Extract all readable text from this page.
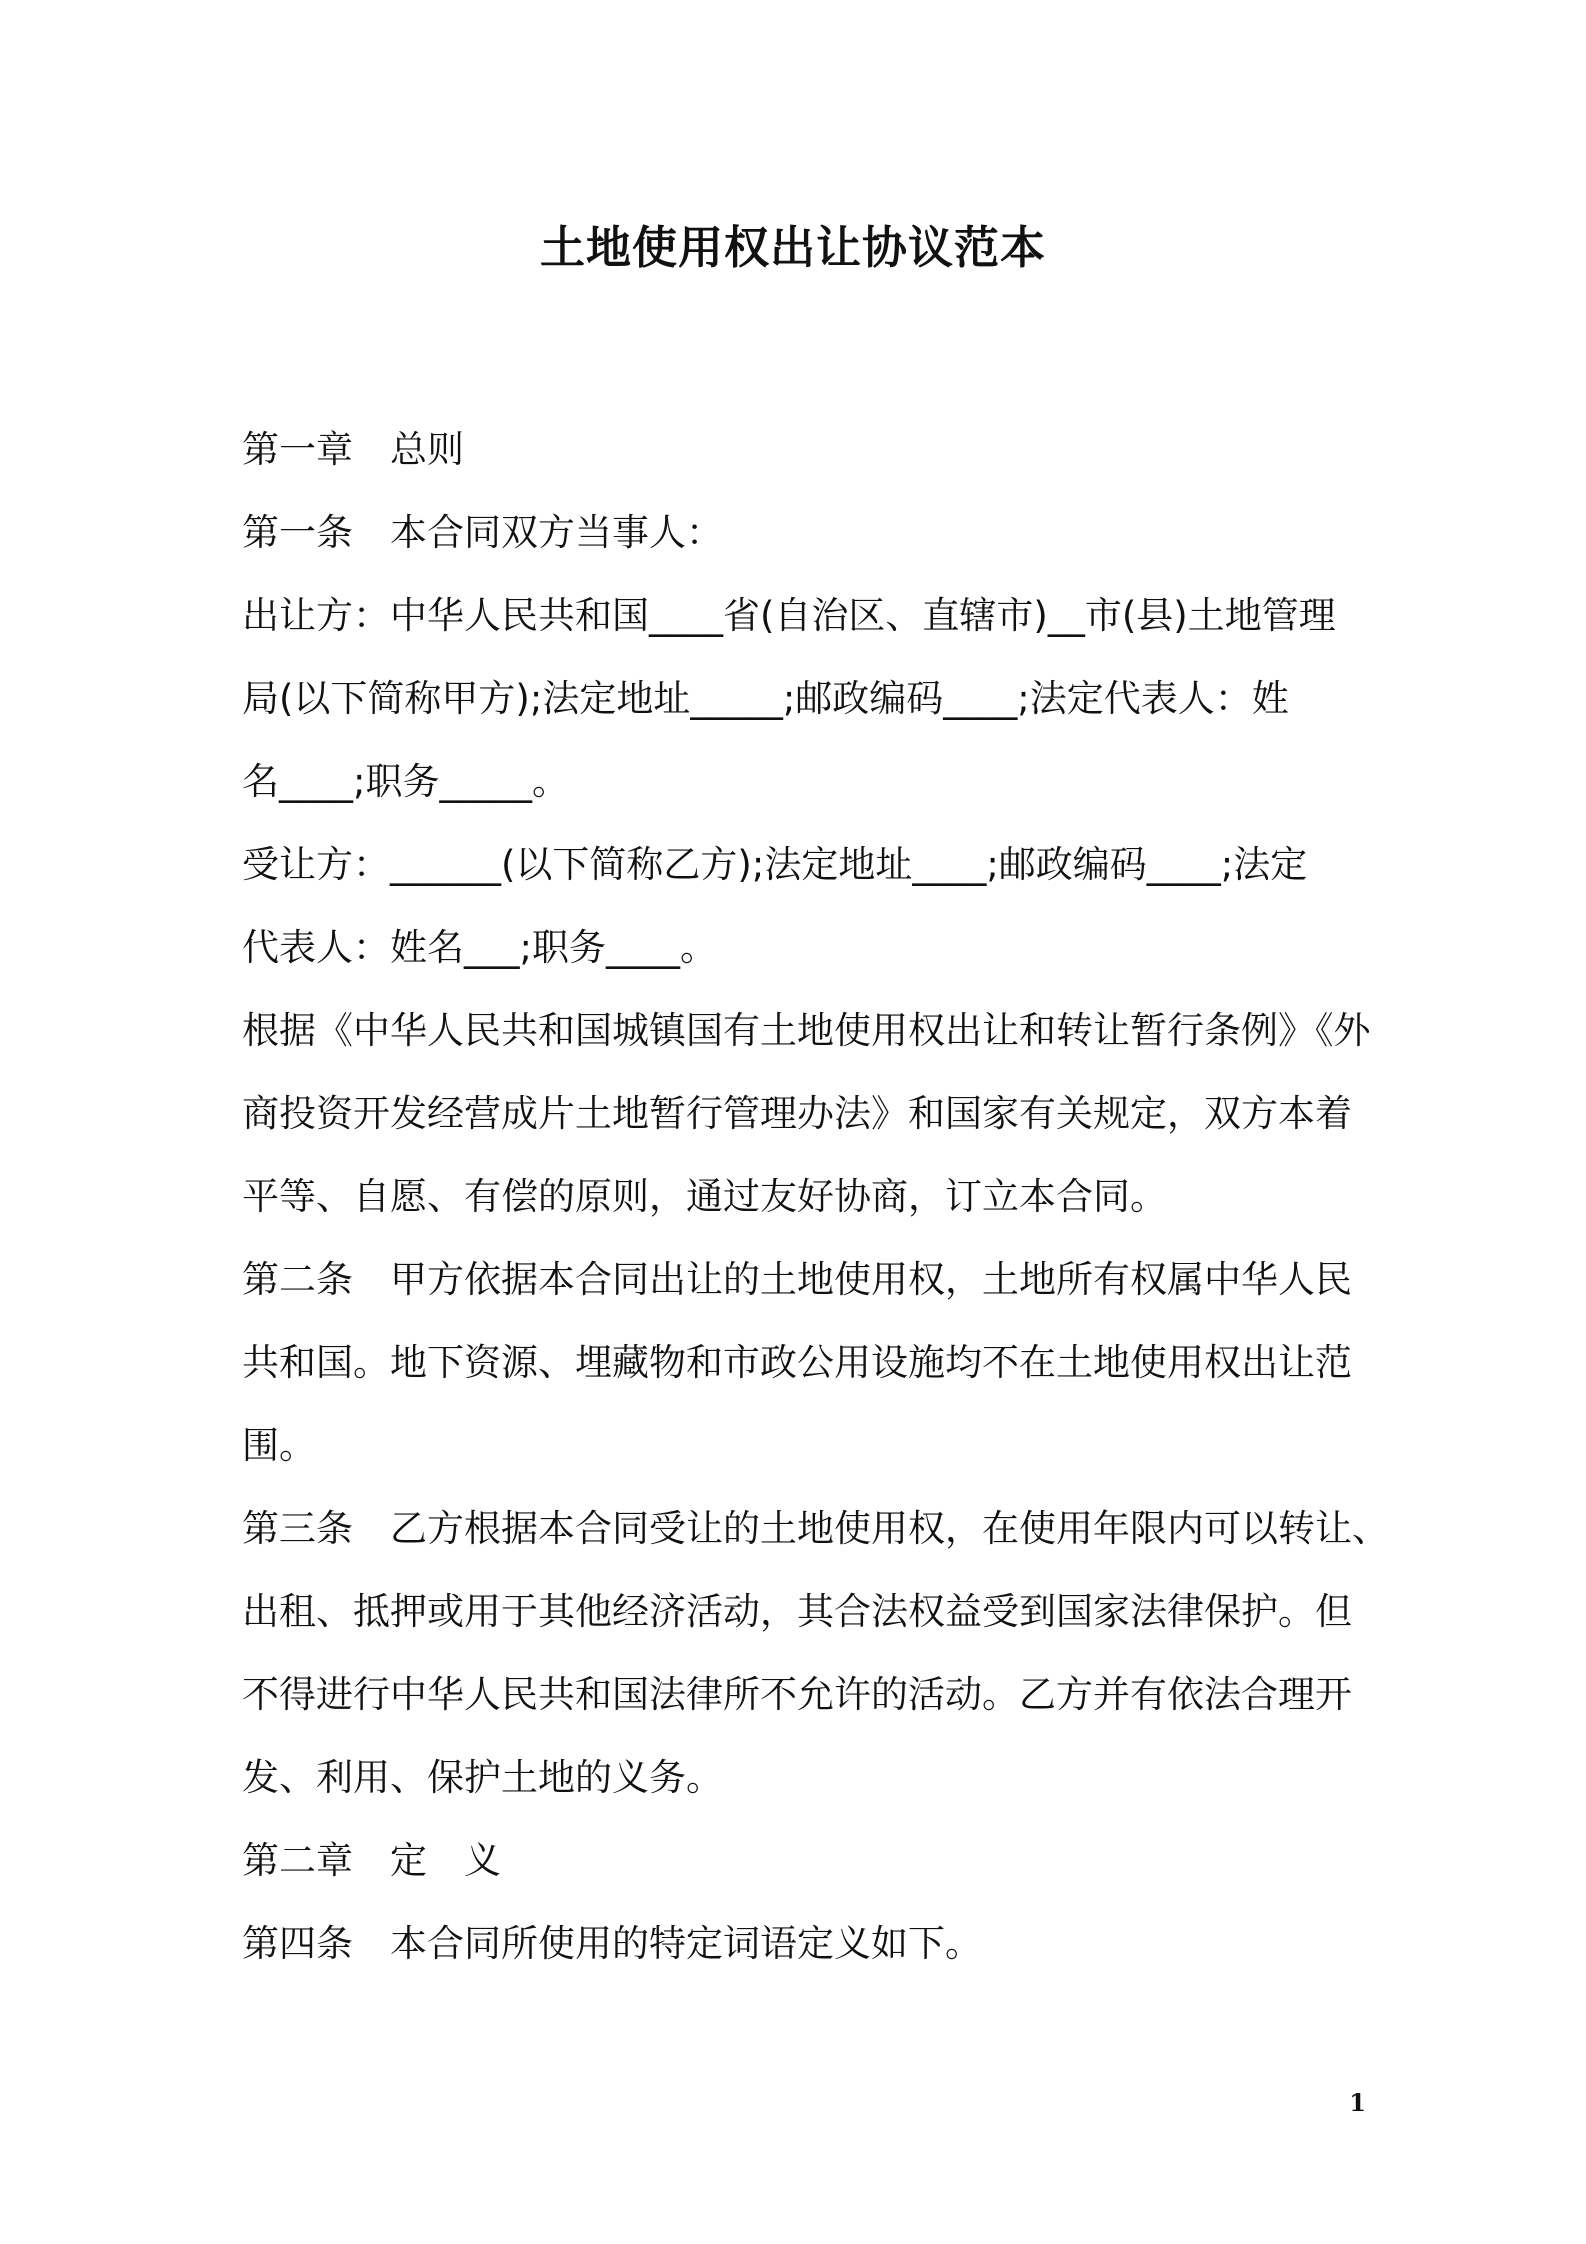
土地使用权出让协议范本
第一章　总则
第一条　本合同双方当事人：
出让方：中华人民共和国____省(自治区、直辖市)__市(县)土地管理
局(以下简称甲方);法定地址_____;邮政编码____;法定代表人：姓
名____;职务_____。
受让方：______(以下简称乙方);法定地址____;邮政编码____;法定
代表人：姓名___;职务____。
根据《中华人民共和国城镇国有土地使用权出让和转让暂行条例》《外
商投资开发经营成片土地暂行管理办法》和国家有关规定，双方本着
平等、自愿、有偿的原则，通过友好协商，订立本合同。
第二条　甲方依据本合同出让的土地使用权，土地所有权属中华人民
共和国。地下资源、埋藏物和市政公用设施均不在土地使用权出让范
围。
第三条　乙方根据本合同受让的土地使用权，在使用年限内可以转让、
出租、抵押或用于其他经济活动，其合法权益受到国家法律保护。但
不得进行中华人民共和国法律所不允许的活动。乙方并有依法合理开
发、利用、保护土地的义务。
第二章　定　义
第四条　本合同所使用的特定词语定义如下。
1
